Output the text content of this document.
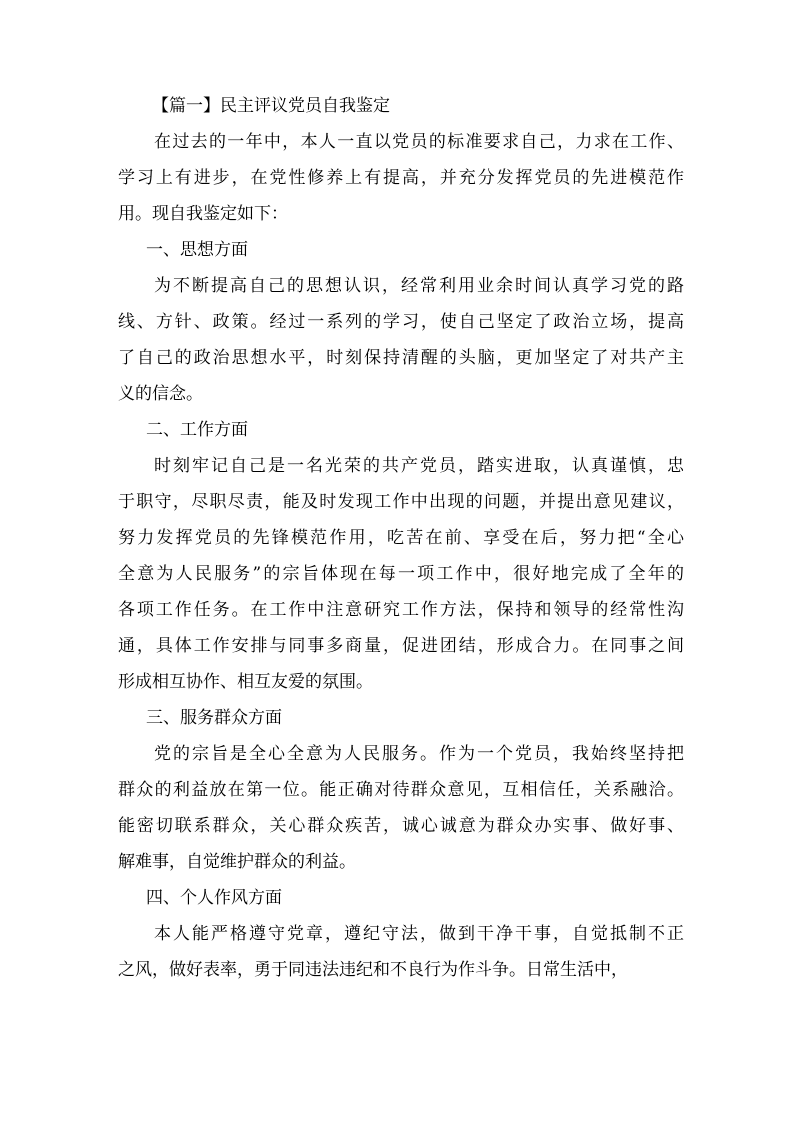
【篇一】民主评议党员自我鉴定
在过去的一年中，本人一直以党员的标准要求自己，力求在工作、
学习上有进步，在党性修养上有提高，并充分发挥党员的先进模范作
用。现自我鉴定如下：

一、思想方面

为不断提高自己的思想认识，经常利用业余时间认真学习党的路
线、方针、政策。经过一系列的学习，使自己坚定了政治立场，提高
了自己的政治思想水平，时刻保持清醒的头脑，更加坚定了对共产主
义的信念。

二、工作方面

时刻牢记自己是一名光荣的共产党员，踏实进取，认真谨慎，忠
于职守，尽职尽责，能及时发现工作中出现的问题，并提出意见建议，
努力发挥党员的先锋模范作用，吃苦在前、享受在后，努力把“全心
全意为人民服务”的宗旨体现在每一项工作中，很好地完成了全年的
各项工作任务。在工作中注意研究工作方法，保持和领导的经常性沟
通，具体工作安排与同事多商量，促进团结，形成合力。在同事之间
形成相互协作、相互友爱的氛围。

三、服务群众方面

党的宗旨是全心全意为人民服务。作为一个党员，我始终坚持把
群众的利益放在第一位。能正确对待群众意见，互相信任，关系融洽。
能密切联系群众，关心群众疾苦，诚心诚意为群众办实事、做好事、
解难事，自觉维护群众的利益。

四、个人作风方面

本人能严格遵守党章，遵纪守法，做到干净干事，自觉抵制不正
之风，做好表率，勇于同违法违纪和不良行为作斗争。日常生活中，
